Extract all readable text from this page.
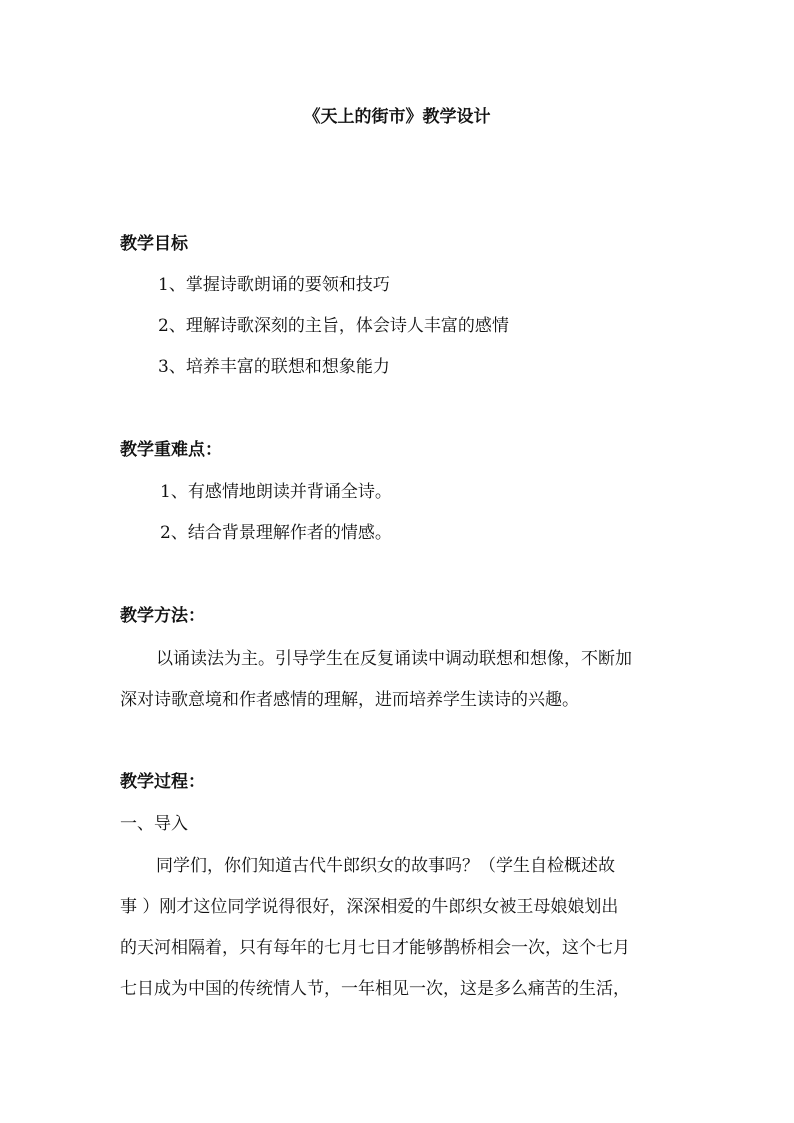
《天上的街市》教学设计
教学目标
1、掌握诗歌朗诵的要领和技巧
2、理解诗歌深刻的主旨，体会诗人丰富的感情
3、培养丰富的联想和想象能力
教学重难点：
1、有感情地朗读并背诵全诗。
2、结合背景理解作者的情感。
教学方法：
以诵读法为主。引导学生在反复诵读中调动联想和想像，不断加
深对诗歌意境和作者感情的理解，进而培养学生读诗的兴趣。
教学过程：
一、导入
同学们，你们知道古代牛郎织女的故事吗？（学生自检概述故
事 ）刚才这位同学说得很好，深深相爱的牛郎织女被王母娘娘划出
的天河相隔着，只有每年的七月七日才能够鹊桥相会一次，这个七月
七日成为中国的传统情人节，一年相见一次，这是多么痛苦的生活，
